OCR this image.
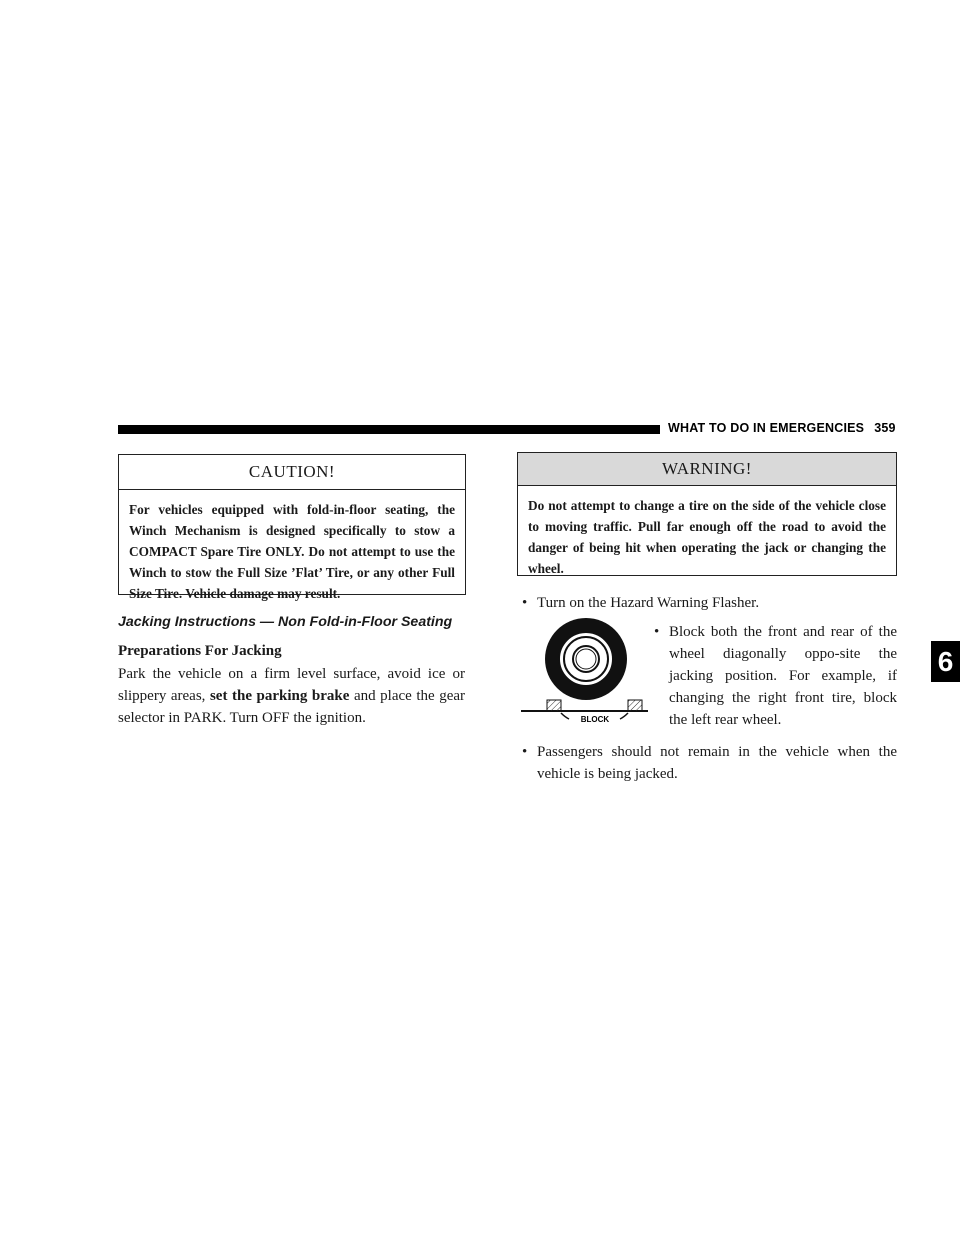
WHAT TO DO IN EMERGENCIES 359
6
CAUTION!
For vehicles equipped with fold-in-floor seating, the Winch Mechanism is designed specifically to stow a COMPACT Spare Tire ONLY. Do not attempt to use the Winch to stow the Full Size ’Flat’ Tire, or any other Full Size Tire. Vehicle damage may result.
Jacking Instructions — Non Fold-in-Floor Seating
Preparations For Jacking
Park the vehicle on a firm level surface, avoid ice or slippery areas, set the parking brake and place the gear selector in PARK. Turn OFF the ignition.
WARNING!
Do not attempt to change a tire on the side of the vehicle close to moving traffic. Pull far enough off the road to avoid the danger of being hit when operating the jack or changing the wheel.
• Turn on the Hazard Warning Flasher.
BLOCK
• Block both the front and rear of the wheel diagonally oppo-site the jacking position. For example, if changing the right front tire, block the left rear wheel.
• Passengers should not remain in the vehicle when the vehicle is being jacked.
